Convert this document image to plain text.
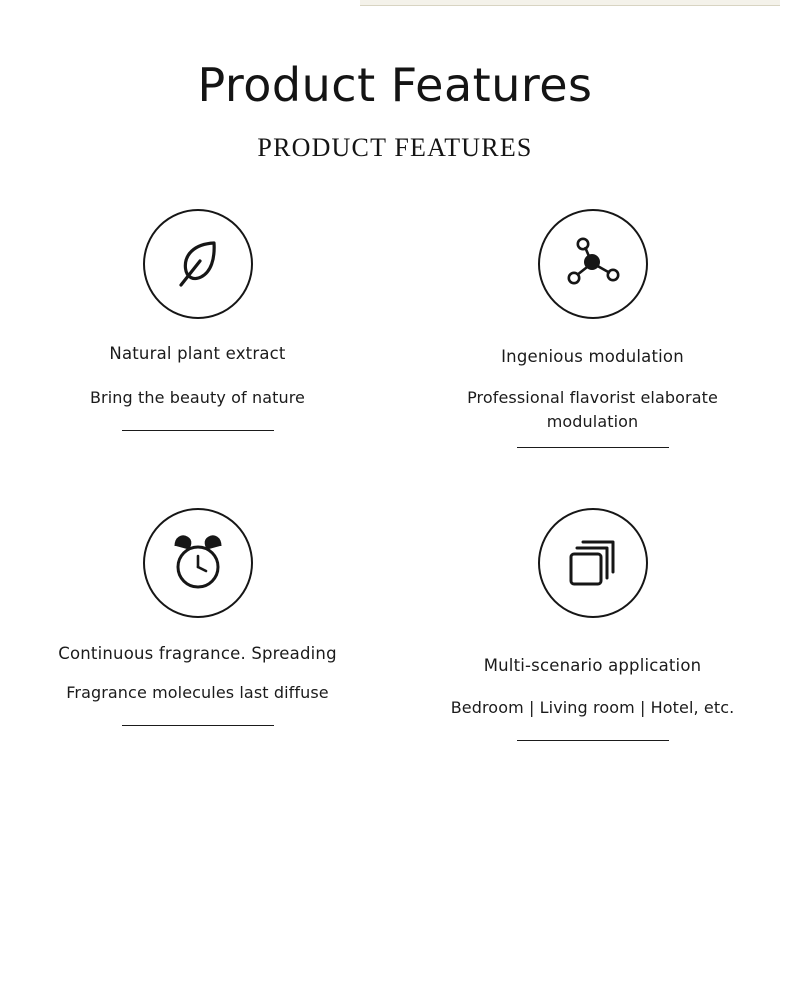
Product Features
PRODUCT FEATURES
Natural plant extract
Bring the beauty of nature
Ingenious modulation
Professional flavorist elaborate modulation
Continuous fragrance. Spreading
Fragrance molecules last diffuse
Multi-scenario application
Bedroom | Living room | Hotel, etc.
